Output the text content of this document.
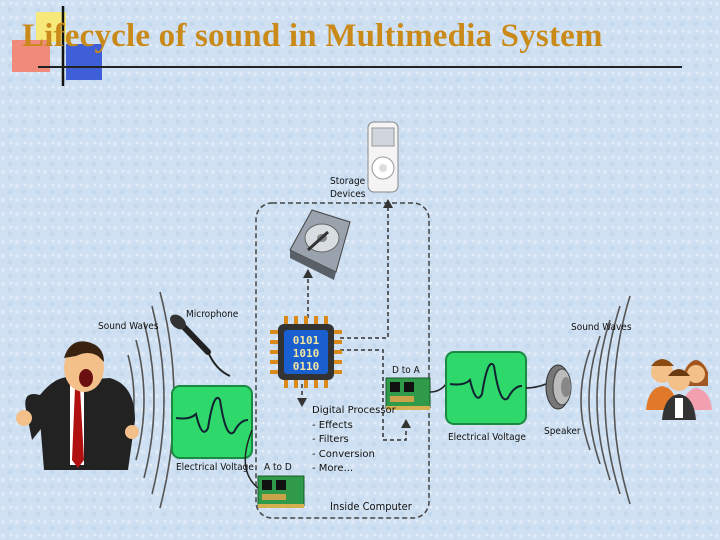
Lifecycle of sound in Multimedia System
0101
1010
0110
Sound Waves
Microphone
Electrical Voltage A to D
Storage
Devices
Digital Processor
- Effects
- Filters
- Conversion
- More...
D to A
Electrical Voltage
Speaker
Sound Waves
Inside Computer
